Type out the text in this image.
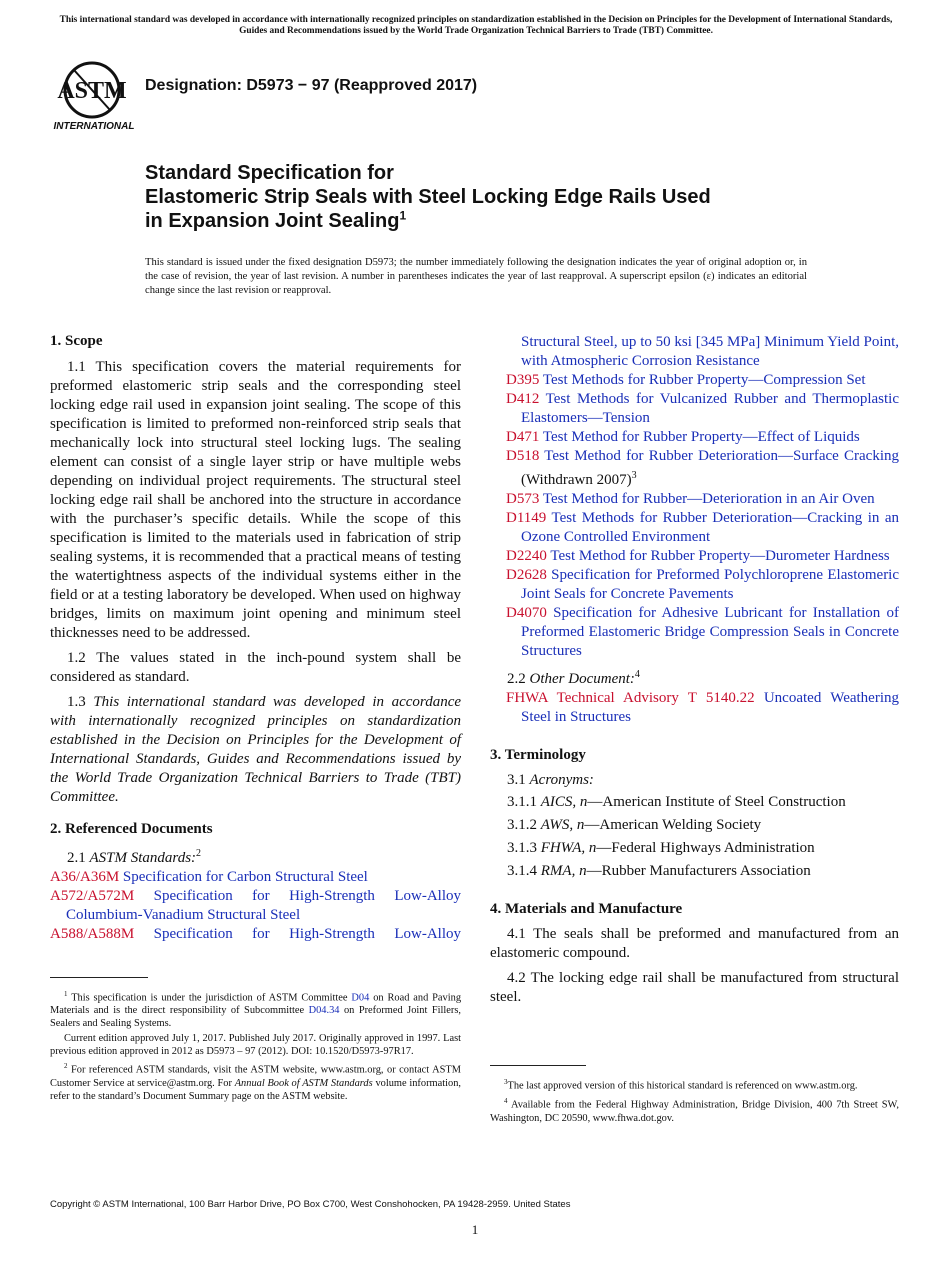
This international standard was developed in accordance with internationally recognized principles on standardization established in the Decision on Principles for the Development of International Standards, Guides and Recommendations issued by the World Trade Organization Technical Barriers to Trade (TBT) Committee.
ASTM
INTERNATIONAL
Designation: D5973 − 97 (Reapproved 2017)
Standard Specification for
Elastomeric Strip Seals with Steel Locking Edge Rails Used
in Expansion Joint Sealing$^1$
This standard is issued under the fixed designation D5973; the number immediately following the designation indicates the year of original adoption or, in the case of revision, the year of last revision. A number in parentheses indicates the year of last reapproval. A superscript epsilon (ε) indicates an editorial change since the last revision or reapproval.
1. Scope

1.1 This specification covers the material requirements for preformed elastomeric strip seals and the corresponding steel locking edge rail used in expansion joint sealing. The scope of this specification is limited to preformed non-reinforced strip seals that mechanically lock into structural steel locking lugs. The sealing element can consist of a single layer strip or have multiple webs depending on individual project requirements. The structural steel locking edge rail shall be anchored into the structure in accordance with the purchaser’s specific details. While the scope of this specification is limited to the materials used in fabrication of strip sealing systems, it is recommended that a practical means of testing the watertightness aspects of the individual systems either in the field or at a testing laboratory be developed. When used on highway bridges, limits on maximum joint opening and minimum steel thicknesses need to be addressed.

1.2 The values stated in the inch-pound system shall be considered as standard.

1.3 This international standard was developed in accordance with internationally recognized principles on standardization established in the Decision on Principles for the Development of International Standards, Guides and Recommendations issued by the World Trade Organization Technical Barriers to Trade (TBT) Committee.

2. Referenced Documents

2.1 ASTM Standards:$^2$

A36/A36M Specification for Carbon Structural Steel
A572/A572M Specification for High-Strength Low-Alloy Columbium-Vanadium Structural Steel
A588/A588M Specification for High-Strength Low-Alloy
$^1$ This specification is under the jurisdiction of ASTM Committee D04 on Road and Paving Materials and is the direct responsibility of Subcommittee D04.34 on Preformed Joint Fillers, Sealers and Sealing Systems.
Current edition approved July 1, 2017. Published July 2017. Originally approved in 1997. Last previous edition approved in 2012 as D5973 – 97 (2012). DOI: 10.1520/D5973-97R17.
$^2$ For referenced ASTM standards, visit the ASTM website, www.astm.org, or contact ASTM Customer Service at service@astm.org. For Annual Book of ASTM Standards volume information, refer to the standard’s Document Summary page on the ASTM website.
Structural Steel, up to 50 ksi [345 MPa] Minimum Yield Point, with Atmospheric Corrosion Resistance
D395 Test Methods for Rubber Property—Compression Set
D412 Test Methods for Vulcanized Rubber and Thermoplastic Elastomers—Tension
D471 Test Method for Rubber Property—Effect of Liquids
D518 Test Method for Rubber Deterioration—Surface Cracking (Withdrawn 2007)$^3$
D573 Test Method for Rubber—Deterioration in an Air Oven
D1149 Test Methods for Rubber Deterioration—Cracking in an Ozone Controlled Environment
D2240 Test Method for Rubber Property—Durometer Hardness
D2628 Specification for Preformed Polychloroprene Elastomeric Joint Seals for Concrete Pavements
D4070 Specification for Adhesive Lubricant for Installation of Preformed Elastomeric Bridge Compression Seals in Concrete Structures

2.2 Other Document:$^4$

FHWA Technical Advisory T 5140.22 Uncoated Weathering Steel in Structures
3. Terminology

3.1 Acronyms:

3.1.1 AICS, n—American Institute of Steel Construction

3.1.2 AWS, n—American Welding Society

3.1.3 FHWA, n—Federal Highways Administration

3.1.4 RMA, n—Rubber Manufacturers Association

4. Materials and Manufacture

4.1 The seals shall be preformed and manufactured from an elastomeric compound.

4.2 The locking edge rail shall be manufactured from structural steel.

$^3$The last approved version of this historical standard is referenced on www.astm.org.
$^4$ Available from the Federal Highway Administration, Bridge Division, 400 7th Street SW, Washington, DC 20590, www.fhwa.dot.gov.
Copyright © ASTM International, 100 Barr Harbor Drive, PO Box C700, West Conshohocken, PA 19428-2959. United States
1
